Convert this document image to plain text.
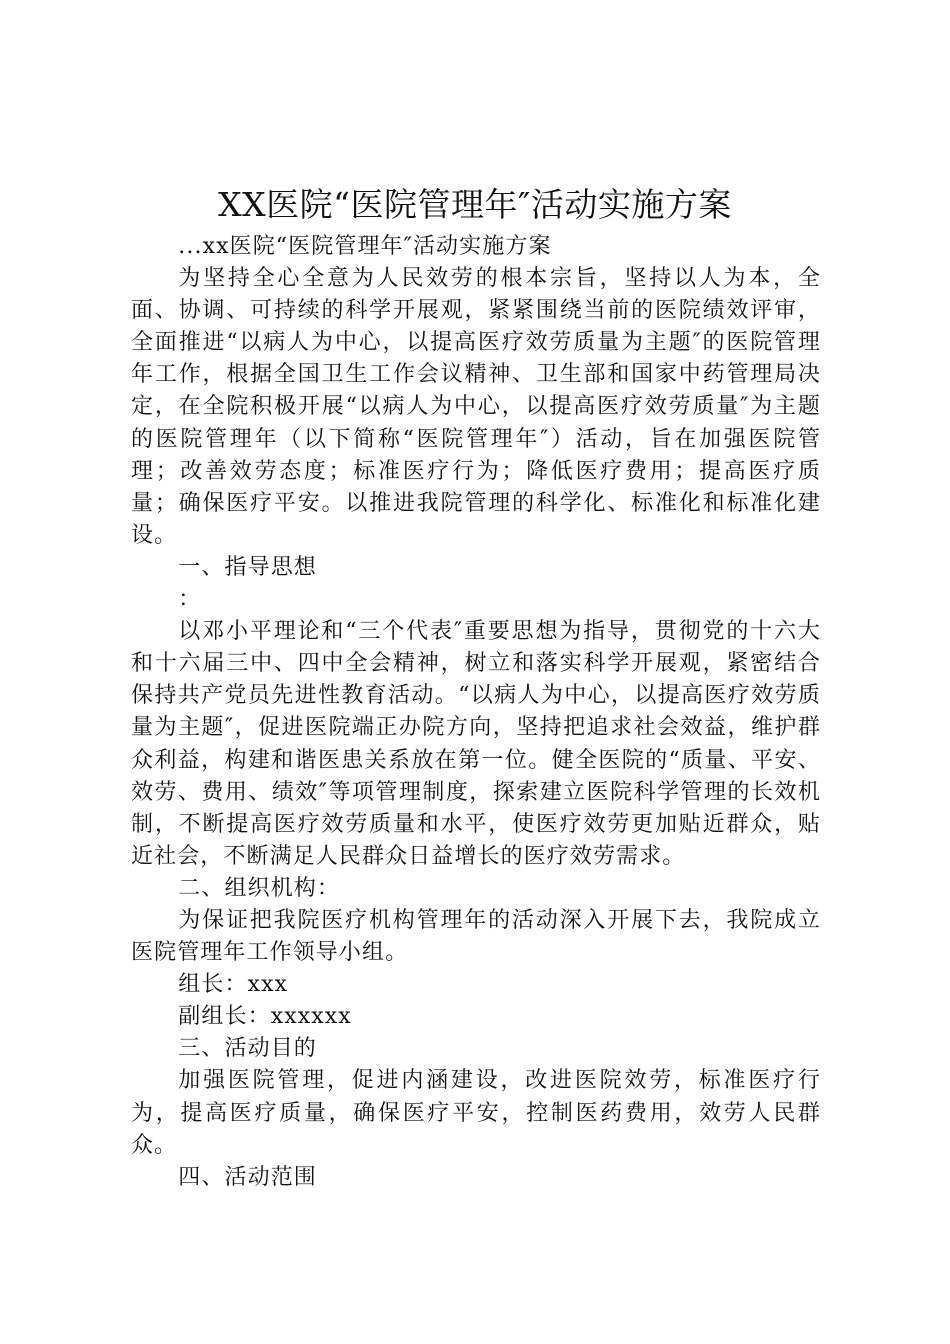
XX医院“医院管理年″活动实施方案

...xx医院“医院管理年″活动实施方案

为坚持全心全意为人民效劳的根本宗旨，坚持以人为本，全面、协调、可持续的科学开展观，紧紧围绕当前的医院绩效评审，全面推进“以病人为中心，以提高医疗效劳质量为主题″的医院管理年工作，根据全国卫生工作会议精神、卫生部和国家中药管理局决定，在全院积极开展“以病人为中心，以提高医疗效劳质量″为主题的医院管理年（以下简称“医院管理年″）活动，旨在加强医院管理；改善效劳态度；标准医疗行为；降低医疗费用；提高医疗质量；确保医疗平安。以推进我院管理的科学化、标准化和标准化建设。

一、指导思想

：

以邓小平理论和“三个代表″重要思想为指导，贯彻党的十六大和十六届三中、四中全会精神，树立和落实科学开展观，紧密结合保持共产党员先进性教育活动。“以病人为中心，以提高医疗效劳质量为主题″，促进医院端正办院方向，坚持把追求社会效益，维护群众利益，构建和谐医患关系放在第一位。健全医院的“质量、平安、效劳、费用、绩效″等项管理制度，探索建立医院科学管理的长效机制，不断提高医疗效劳质量和水平，使医疗效劳更加贴近群众，贴近社会，不断满足人民群众日益增长的医疗效劳需求。

二、组织机构：

为保证把我院医疗机构管理年的活动深入开展下去，我院成立医院管理年工作领导小组。

组长：xxx

副组长：xxxxxx

三、活动目的

加强医院管理，促进内涵建设，改进医院效劳，标准医疗行为，提高医疗质量，确保医疗平安，控制医药费用，效劳人民群众。

四、活动范围
